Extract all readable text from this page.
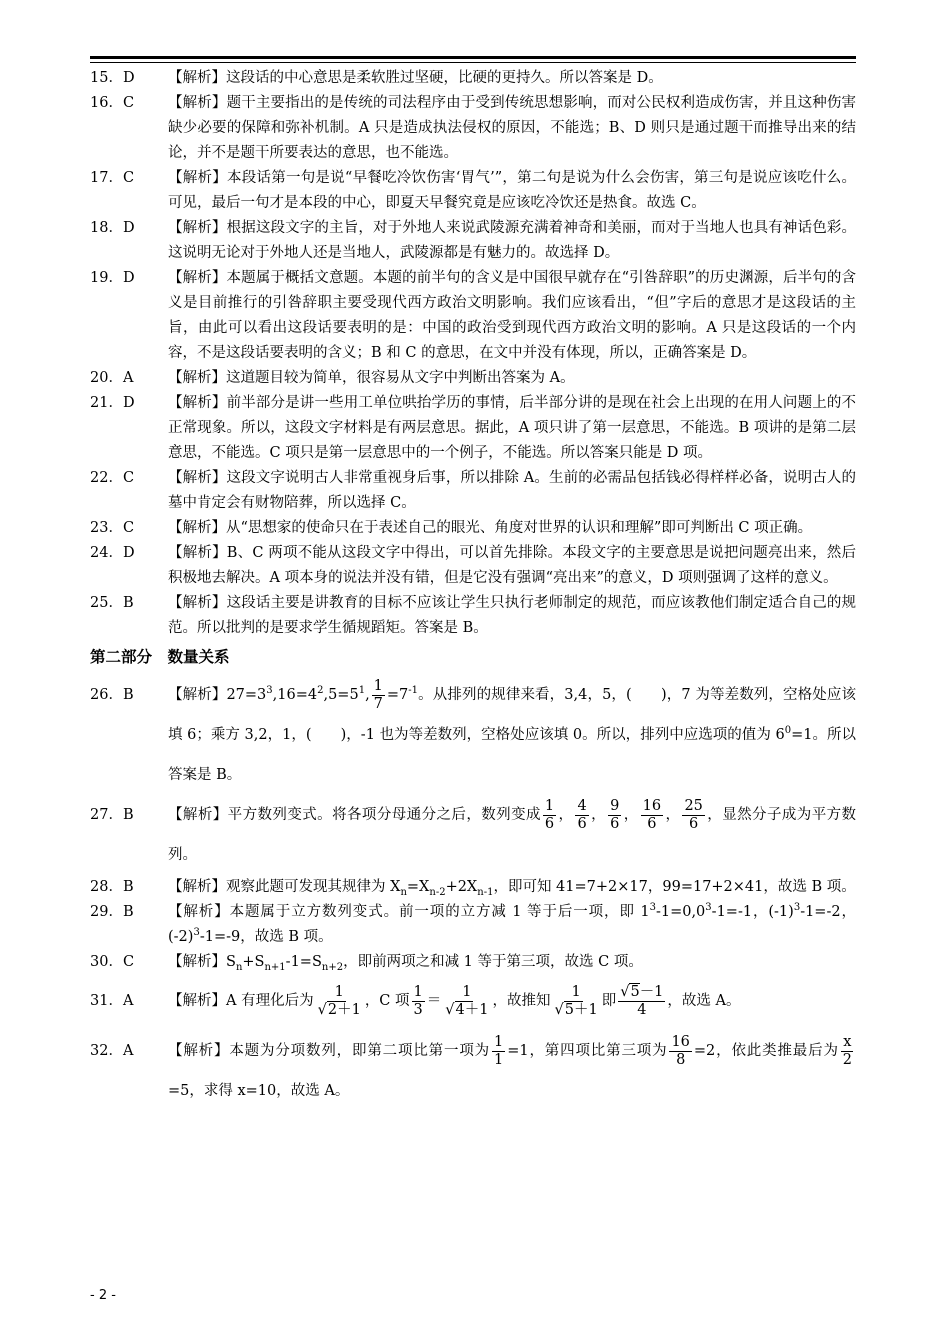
15．D	【解析】这段话的中心意思是柔软胜过坚硬，比硬的更持久。所以答案是 D。
16．C	【解析】题干主要指出的是传统的司法程序由于受到传统思想影响，而对公民权利造成伤害，并且这种伤害缺少必要的保障和弥补机制。A 只是造成执法侵权的原因，不能选；B、D 则只是通过题干而推导出来的结论，并不是题干所要表达的意思，也不能选。
17．C	【解析】本段话第一句是说“早餐吃冷饮伤害‘胃气’”，第二句是说为什么会伤害，第三句是说应该吃什么。可见，最后一句才是本段的中心，即夏天早餐究竟是应该吃冷饮还是热食。故选 C。
18．D	【解析】根据这段文字的主旨，对于外地人来说武陵源充满着神奇和美丽，而对于当地人也具有神话色彩。这说明无论对于外地人还是当地人，武陵源都是有魅力的。故选择 D。
19．D	【解析】本题属于概括文意题。本题的前半句的含义是中国很早就存在“引咎辞职”的历史渊源，后半句的含义是目前推行的引咎辞职主要受现代西方政治文明影响。我们应该看出，“但”字后的意思才是这段话的主旨，由此可以看出这段话要表明的是：中国的政治受到现代西方政治文明的影响。A 只是这段话的一个内容，不是这段话要表明的含义；B 和 C 的意思，在文中并没有体现，所以，正确答案是 D。
20．A	【解析】这道题目较为简单，很容易从文字中判断出答案为 A。
21．D	【解析】前半部分是讲一些用工单位哄抬学历的事情，后半部分讲的是现在社会上出现的在用人问题上的不正常现象。所以，这段文字材料是有两层意思。据此，A 项只讲了第一层意思，不能选。B 项讲的是第二层意思，不能选。C 项只是第一层意思中的一个例子，不能选。所以答案只能是 D 项。
22．C	【解析】这段文字说明古人非常重视身后事，所以排除 A。生前的必需品包括钱必得样样必备，说明古人的墓中肯定会有财物陪葬，所以选择 C。
23．C	【解析】从“思想家的使命只在于表述自己的眼光、角度对世界的认识和理解”即可判断出 C 项正确。
24．D	【解析】B、C 两项不能从这段文字中得出，可以首先排除。本段文字的主要意思是说把问题亮出来，然后积极地去解决。A 项本身的说法并没有错，但是它没有强调“亮出来”的意义，D 项则强调了这样的意义。
25．B	【解析】这段话主要是讲教育的目标不应该让学生只执行老师制定的规范，而应该教他们制定适合自己的规范。所以批判的是要求学生循规蹈矩。答案是 B。
第二部分　数量关系
26．B	【解析】$27=3^3,16=4^2,5=5^1$, $\frac{1}{7} =7^{-1}$。从排列的规律来看，3,4，5，(　　)，7 为等差数列，空格处应该填 6；乘方 3,2，1，(　　)，-1 也为等差数列，空格处应该填 0。所以，排列中应选项的值为 $6^0=1$。所以答案是 B。
27．B	【解析】平方数列变式。将各项分母通分之后，数列变成 $\frac{1}{6}$ ， $\frac{4}{6}$ ， $\frac{9}{6}$ ， $\frac{16}{6}$ ， $\frac{25}{6}$ ，显然分子成为平方数列。
28．B	【解析】观察此题可发现其规律为 $X_n=X_{n-2}+2X_{n-1}$，即可知 41=7+2×17，99=17+2×41，故选 B 项。
29．B	【解析】本题属于立方数列变式。前一项的立方减 1 等于后一项，即 $1^3-1=0,0^3-1=-1$，$(-1)^3-1=-2$，$(-2)^3-1=-9$，故选 B 项。
30．C	【解析】$S_n+S_{n+1}-1=S_{n+2}$，即前两项之和减 1 等于第三项，故选 C 项。
31．A	【解析】A 有理化后为 $\frac{1}{√2+1}$ ，C 项 $\frac{1}{3} = \frac{1}{√4+1}$ ，故推知 $\frac{1}{√5+1}$ 即 $\frac{√5-1}{4}$ ，故选 A。
32．A	【解析】本题为分项数列，即第二项比第一项为 $\frac{1}{1} =1$，第四项比第三项为 $\frac{16}{8} =2$，依此类推最后为 $\frac{x}{2}$
=5，求得 x=10，故选 A。
- 2 -
